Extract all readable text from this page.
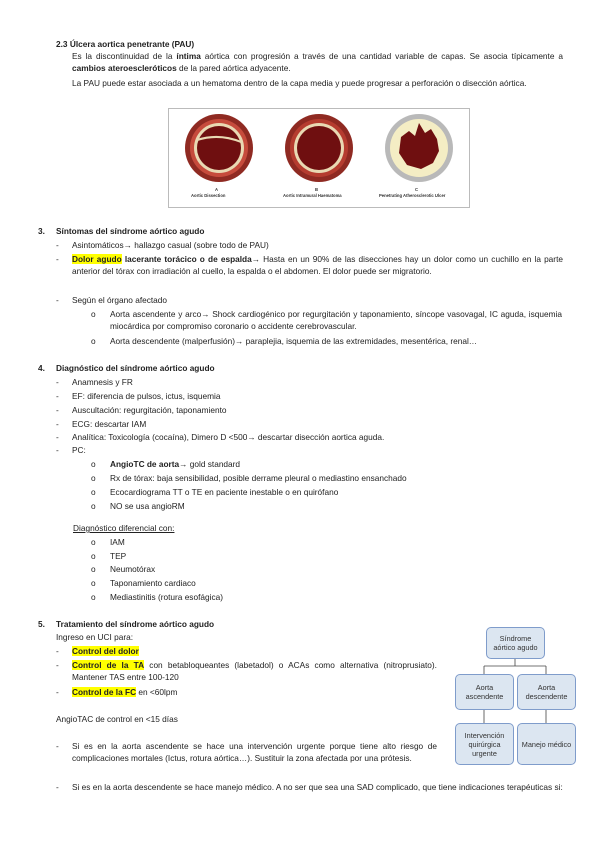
2.3 Úlcera aortica penetrante (PAU)
Es la discontinuidad de la íntima aórtica con progresión a través de una cantidad variable de capas. Se asocia típicamente a cambios ateroescleróticos de la pared aórtica adyacente.
La PAU puede estar asociada a un hematoma dentro de la capa media y puede progresar a perforación o disección aórtica.
A	B	C
Aortic Dissection	Aortic Intramural Haematoma	Penetrating Atherosclerotic Ulcer
3. Síntomas del síndrome aórtico agudo
- Asintomáticos→ hallazgo casual (sobre todo de PAU)
- Dolor agudo lacerante torácico o de espalda→ Hasta en un 90% de las disecciones hay un dolor como un cuchillo en la parte anterior del tórax con irradiación al cuello, la espalda o el abdomen. El dolor puede ser migratorio.
- Según el órgano afectado
o Aorta ascendente y arco→ Shock cardiogénico por regurgitación y taponamiento, síncope vasovagal, IC aguda, isquemia miocárdica por compromiso coronario o accidente cerebrovascular.
o Aorta descendente (malperfusión)→ paraplejia, isquemia de las extremidades, mesentérica, renal…
4. Diagnóstico del síndrome aórtico agudo
- Anamnesis y FR
- EF: diferencia de pulsos, ictus, isquemia
- Auscultación: regurgitación, taponamiento
- ECG: descartar IAM
- Analítica: Toxicología (cocaína), Dimero D <500→ descartar disección aortica aguda.
- PC:
o AngioTC de aorta→ gold standard
o Rx de tórax: baja sensibilidad, posible derrame pleural o mediastino ensanchado
o Ecocardiograma TT o TE en paciente inestable o en quirófano
o NO se usa angioRM
Diagnóstico diferencial con:
o IAM
o TEP
o Neumotórax
o Taponamiento cardiaco
o Mediastinitis (rotura esofágica)
5. Tratamiento del síndrome aórtico agudo
Ingreso en UCI para:
- Control del dolor
- Control de la TA con betabloqueantes (labetadol) o ACAs como alternativa (nitroprusiato). Mantener TAS entre 100-120
- Control de la FC en <60lpm
AngioTAC de control en <15 días
- Si es en la aorta ascendente se hace una intervención urgente porque tiene alto riesgo de complicaciones mortales (Ictus, rotura aórtica…). Sustituir la zona afectada por una prótesis.
- Si es en la aorta descendente se hace manejo médico. A no ser que sea una SAD complicado, que tiene indicaciones terapéuticas si:
Síndrome aórtico agudo
Aorta ascendente
Aorta descendente
Intervención quirúrgica urgente
Manejo médico
